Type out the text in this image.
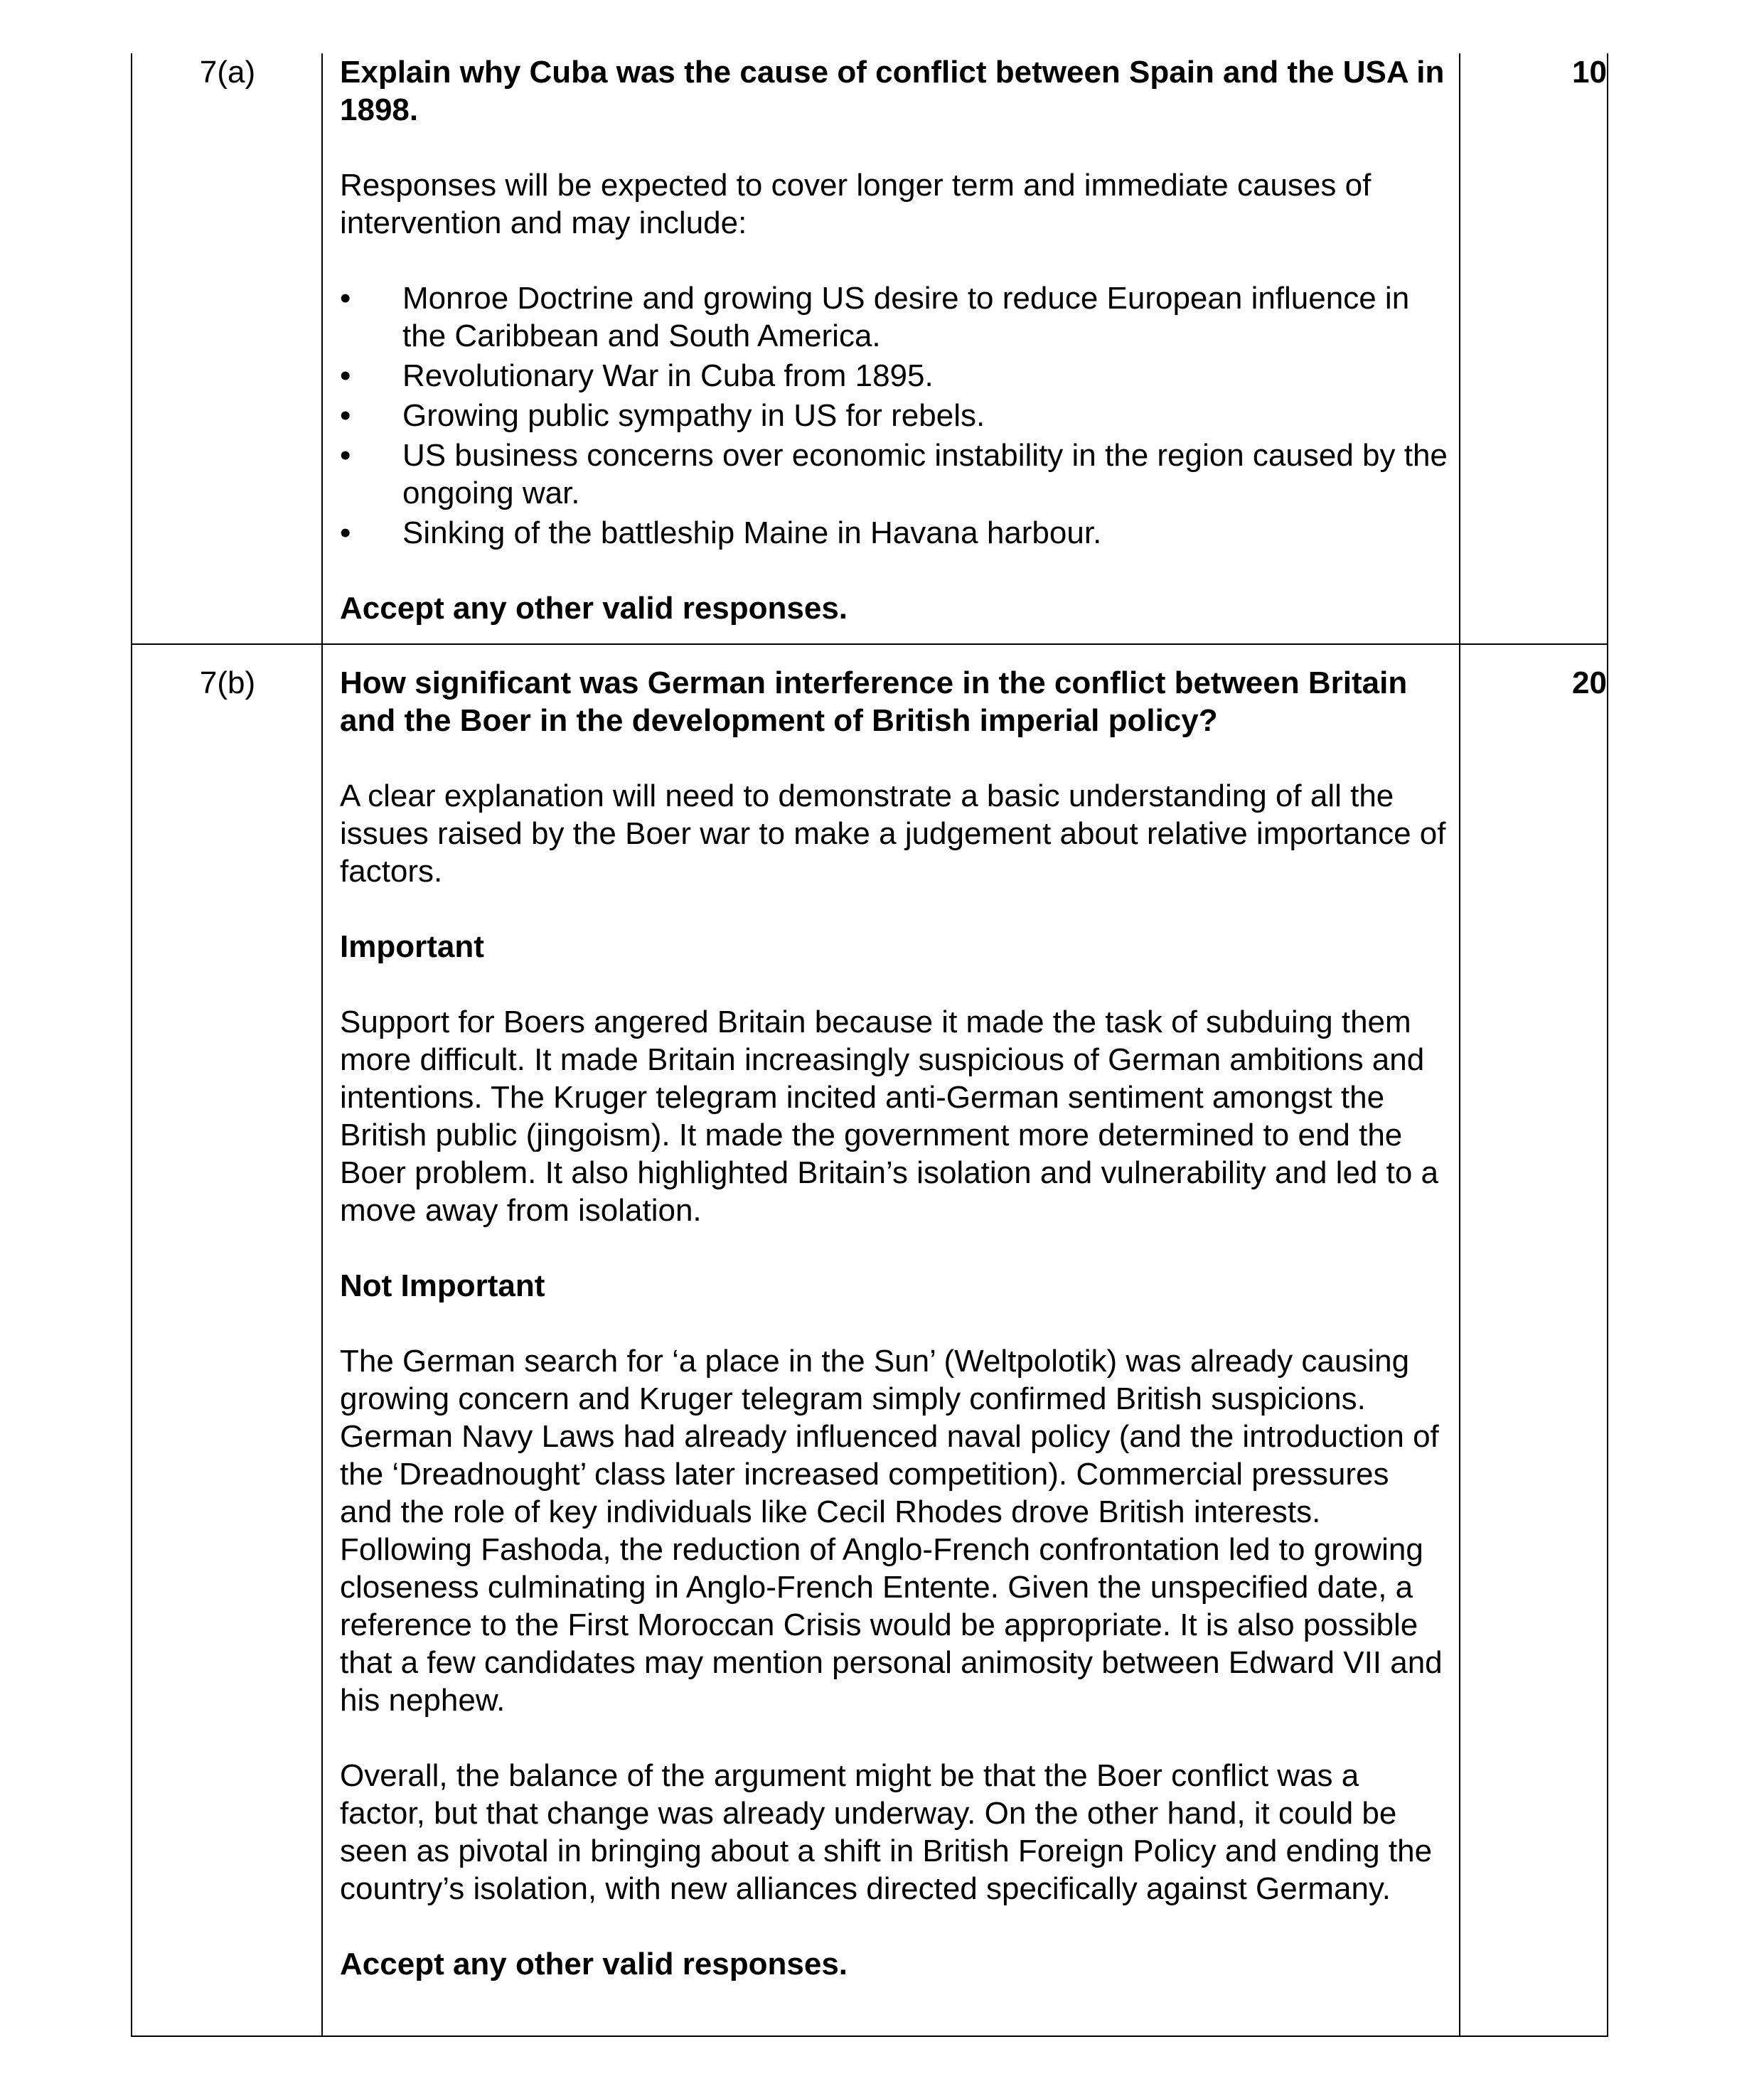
7(a)	10

Explain why Cuba was the cause of conflict between Spain and the USA in 1898.

Responses will be expected to cover longer term and immediate causes of intervention and may include:

• Monroe Doctrine and growing US desire to reduce European influence in the Caribbean and South America.
• Revolutionary War in Cuba from 1895.
• Growing public sympathy in US for rebels.
• US business concerns over economic instability in the region caused by the ongoing war.
• Sinking of the battleship Maine in Havana harbour.

Accept any other valid responses.

7(b)	20

How significant was German interference in the conflict between Britain and the Boer in the development of British imperial policy?

A clear explanation will need to demonstrate a basic understanding of all the issues raised by the Boer war to make a judgement about relative importance of factors.

Important

Support for Boers angered Britain because it made the task of subduing them more difficult. It made Britain increasingly suspicious of German ambitions and intentions. The Kruger telegram incited anti-German sentiment amongst the British public (jingoism). It made the government more determined to end the Boer problem. It also highlighted Britain’s isolation and vulnerability and led to a move away from isolation.

Not Important

The German search for ‘a place in the Sun’ (Weltpolotik) was already causing growing concern and Kruger telegram simply confirmed British suspicions. German Navy Laws had already influenced naval policy (and the introduction of the ‘Dreadnought’ class later increased competition). Commercial pressures and the role of key individuals like Cecil Rhodes drove British interests. Following Fashoda, the reduction of Anglo-French confrontation led to growing closeness culminating in Anglo-French Entente. Given the unspecified date, a reference to the First Moroccan Crisis would be appropriate. It is also possible that a few candidates may mention personal animosity between Edward VII and his nephew.

Overall, the balance of the argument might be that the Boer conflict was a factor, but that change was already underway. On the other hand, it could be seen as pivotal in bringing about a shift in British Foreign Policy and ending the country’s isolation, with new alliances directed specifically against Germany.

Accept any other valid responses.
